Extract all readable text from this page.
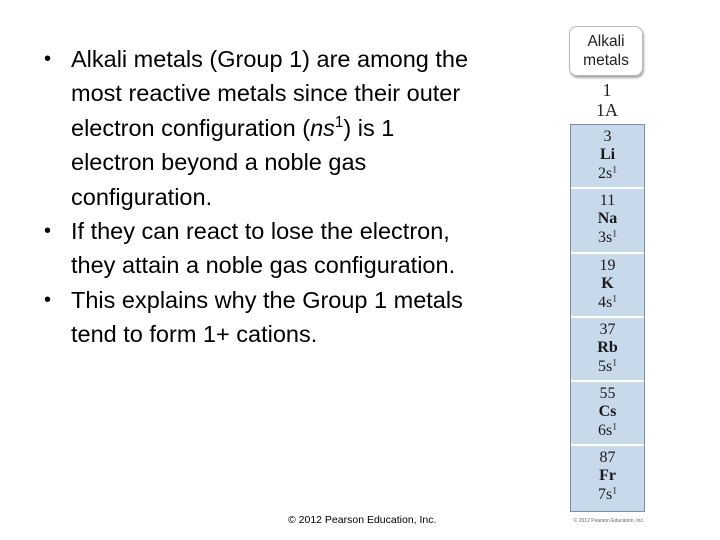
• Alkali metals (Group 1) are among the most reactive metals since their outer electron configuration $(ns^1)$ is 1 electron beyond a noble gas configuration.
• If they can react to lose the electron, they attain a noble gas configuration.
• This explains why the Group 1 metals tend to form 1+ cations.
© 2012 Pearson Education, Inc.
Alkali
metals
1
1A
3
Li
$2s^1$
11
Na
$3s^1$
19
K
$4s^1$
37
Rb
$5s^1$
55
Cs
$6s^1$
87
Fr
$7s^1$
© 2012 Pearson Education, Inc.
